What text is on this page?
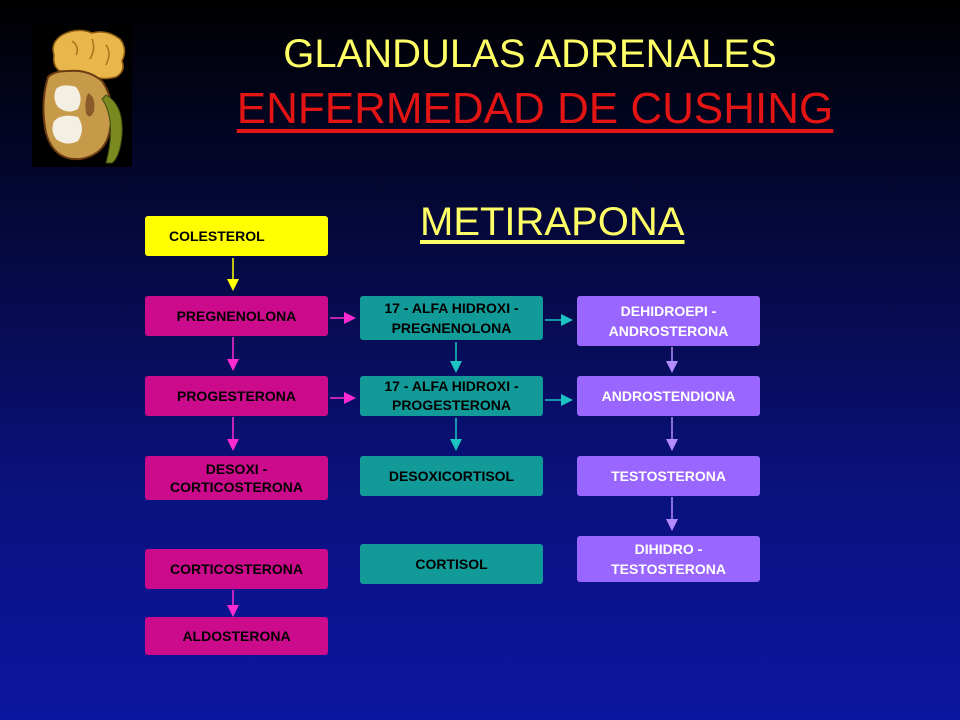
GLANDULAS ADRENALES
ENFERMEDAD DE CUSHING
METIRAPONA
COLESTEROL
PREGNENOLONA
PROGESTERONA
DESOXI -
CORTICOSTERONA
CORTICOSTERONA
ALDOSTERONA
17 - ALFA HIDROXI -
PREGNENOLONA
17 - ALFA HIDROXI -
PROGESTERONA
DESOXICORTISOL
CORTISOL
DEHIDROEPI -
ANDROSTERONA
ANDROSTENDIONA
TESTOSTERONA
DIHIDRO -
TESTOSTERONA
